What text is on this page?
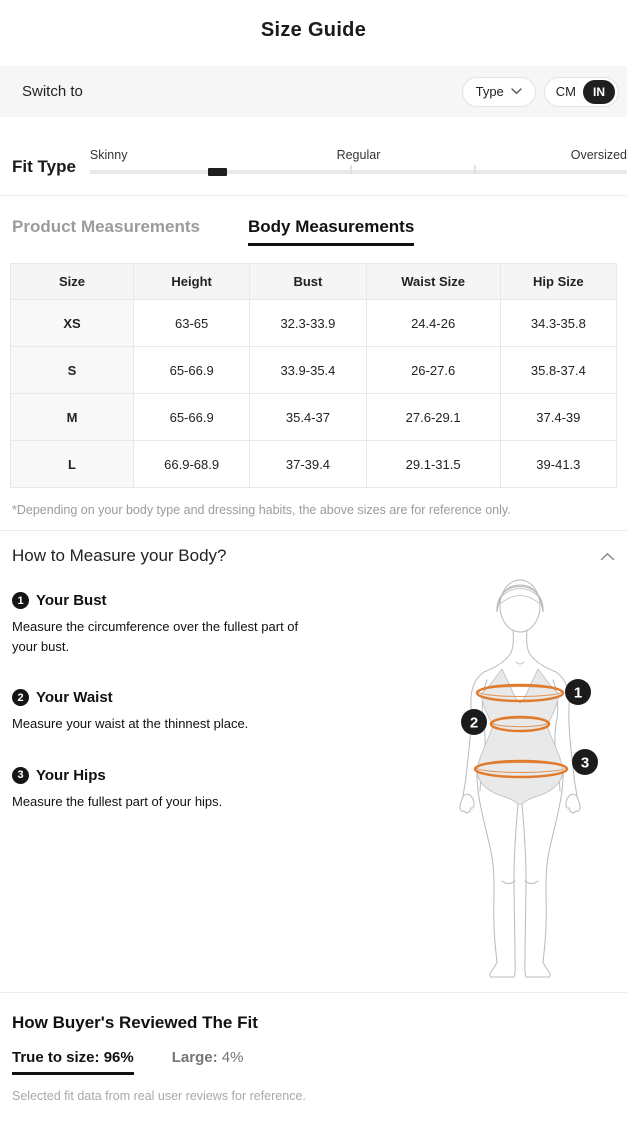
Size Guide
Switch to	Type	CM	IN
Fit Type
Skinny	Regular	Oversized
Product Measurements	Body Measurements
Size	Height	Bust	Waist Size	Hip Size
XS	63-65	32.3-33.9	24.4-26	34.3-35.8
S	65-66.9	33.9-35.4	26-27.6	35.8-37.4
M	65-66.9	35.4-37	27.6-29.1	37.4-39
L	66.9-68.9	37-39.4	29.1-31.5	39-41.3

*Depending on your body type and dressing habits, the above sizes are for reference only.

How to Measure your Body?
1 Your Bust

Measure the circumference over the fullest part of your bust.

2 Your Waist

Measure your waist at the thinnest place.

3 Your Hips

Measure the fullest part of your hips.

1
2
3
How Buyer's Reviewed The Fit
True to size: 96%	Large: 4%
Selected fit data from real user reviews for reference.
